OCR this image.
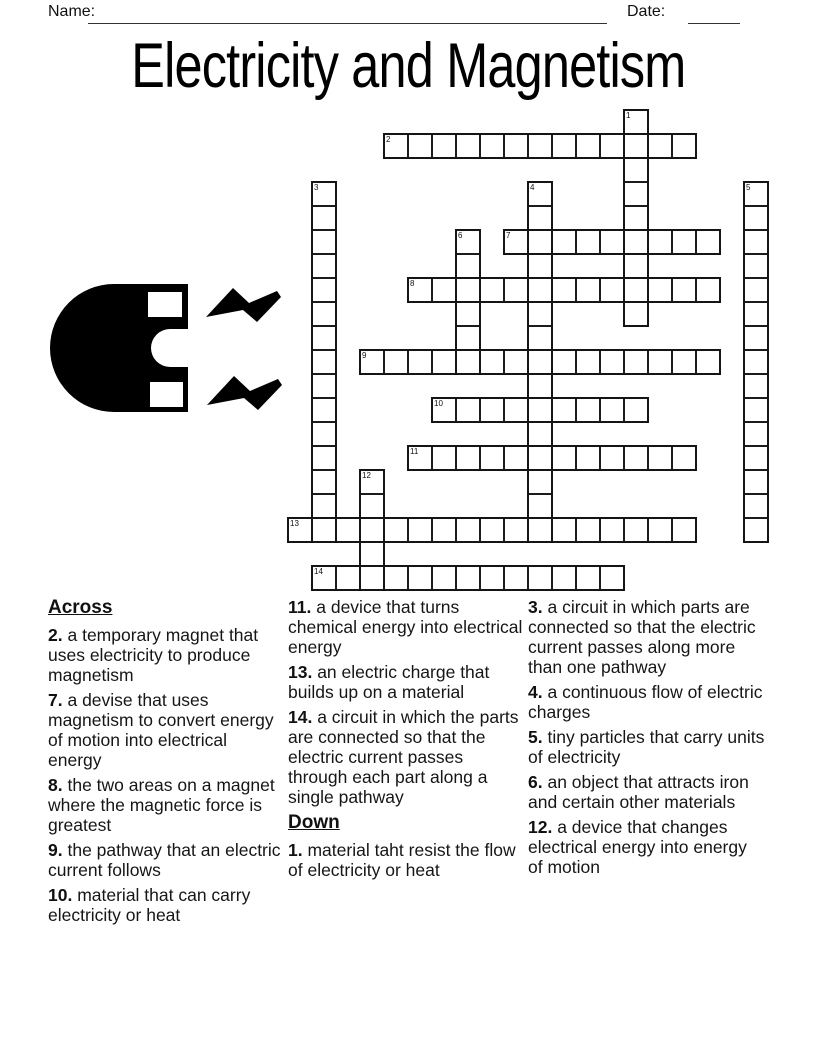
Name:	Date:
Electricity and Magnetism
2
7
8
9
10
11
13
14
1
3	4	5
6
12
Across

2. a temporary magnet that uses electricity to produce magnetism

7. a devise that uses magnetism to convert energy of motion into electrical energy

8. the two areas on a magnet where the magnetic force is greatest

9. the pathway that an electric current follows

10. material that can carry electricity or heat

11. a device that turns chemical energy into electrical energy

13. an electric charge that builds up on a material

14. a circuit in which the parts are connected so that the electric current passes through each part along a single pathway

Down

1. material taht resist the flow of electricity or heat

3. a circuit in which parts are connected so that the electric current passes along more than one pathway

4. a continuous flow of electric charges

5. tiny particles that carry units of electricity

6. an object that attracts iron and certain other materials

12. a device that changes electrical energy into energy of motion
